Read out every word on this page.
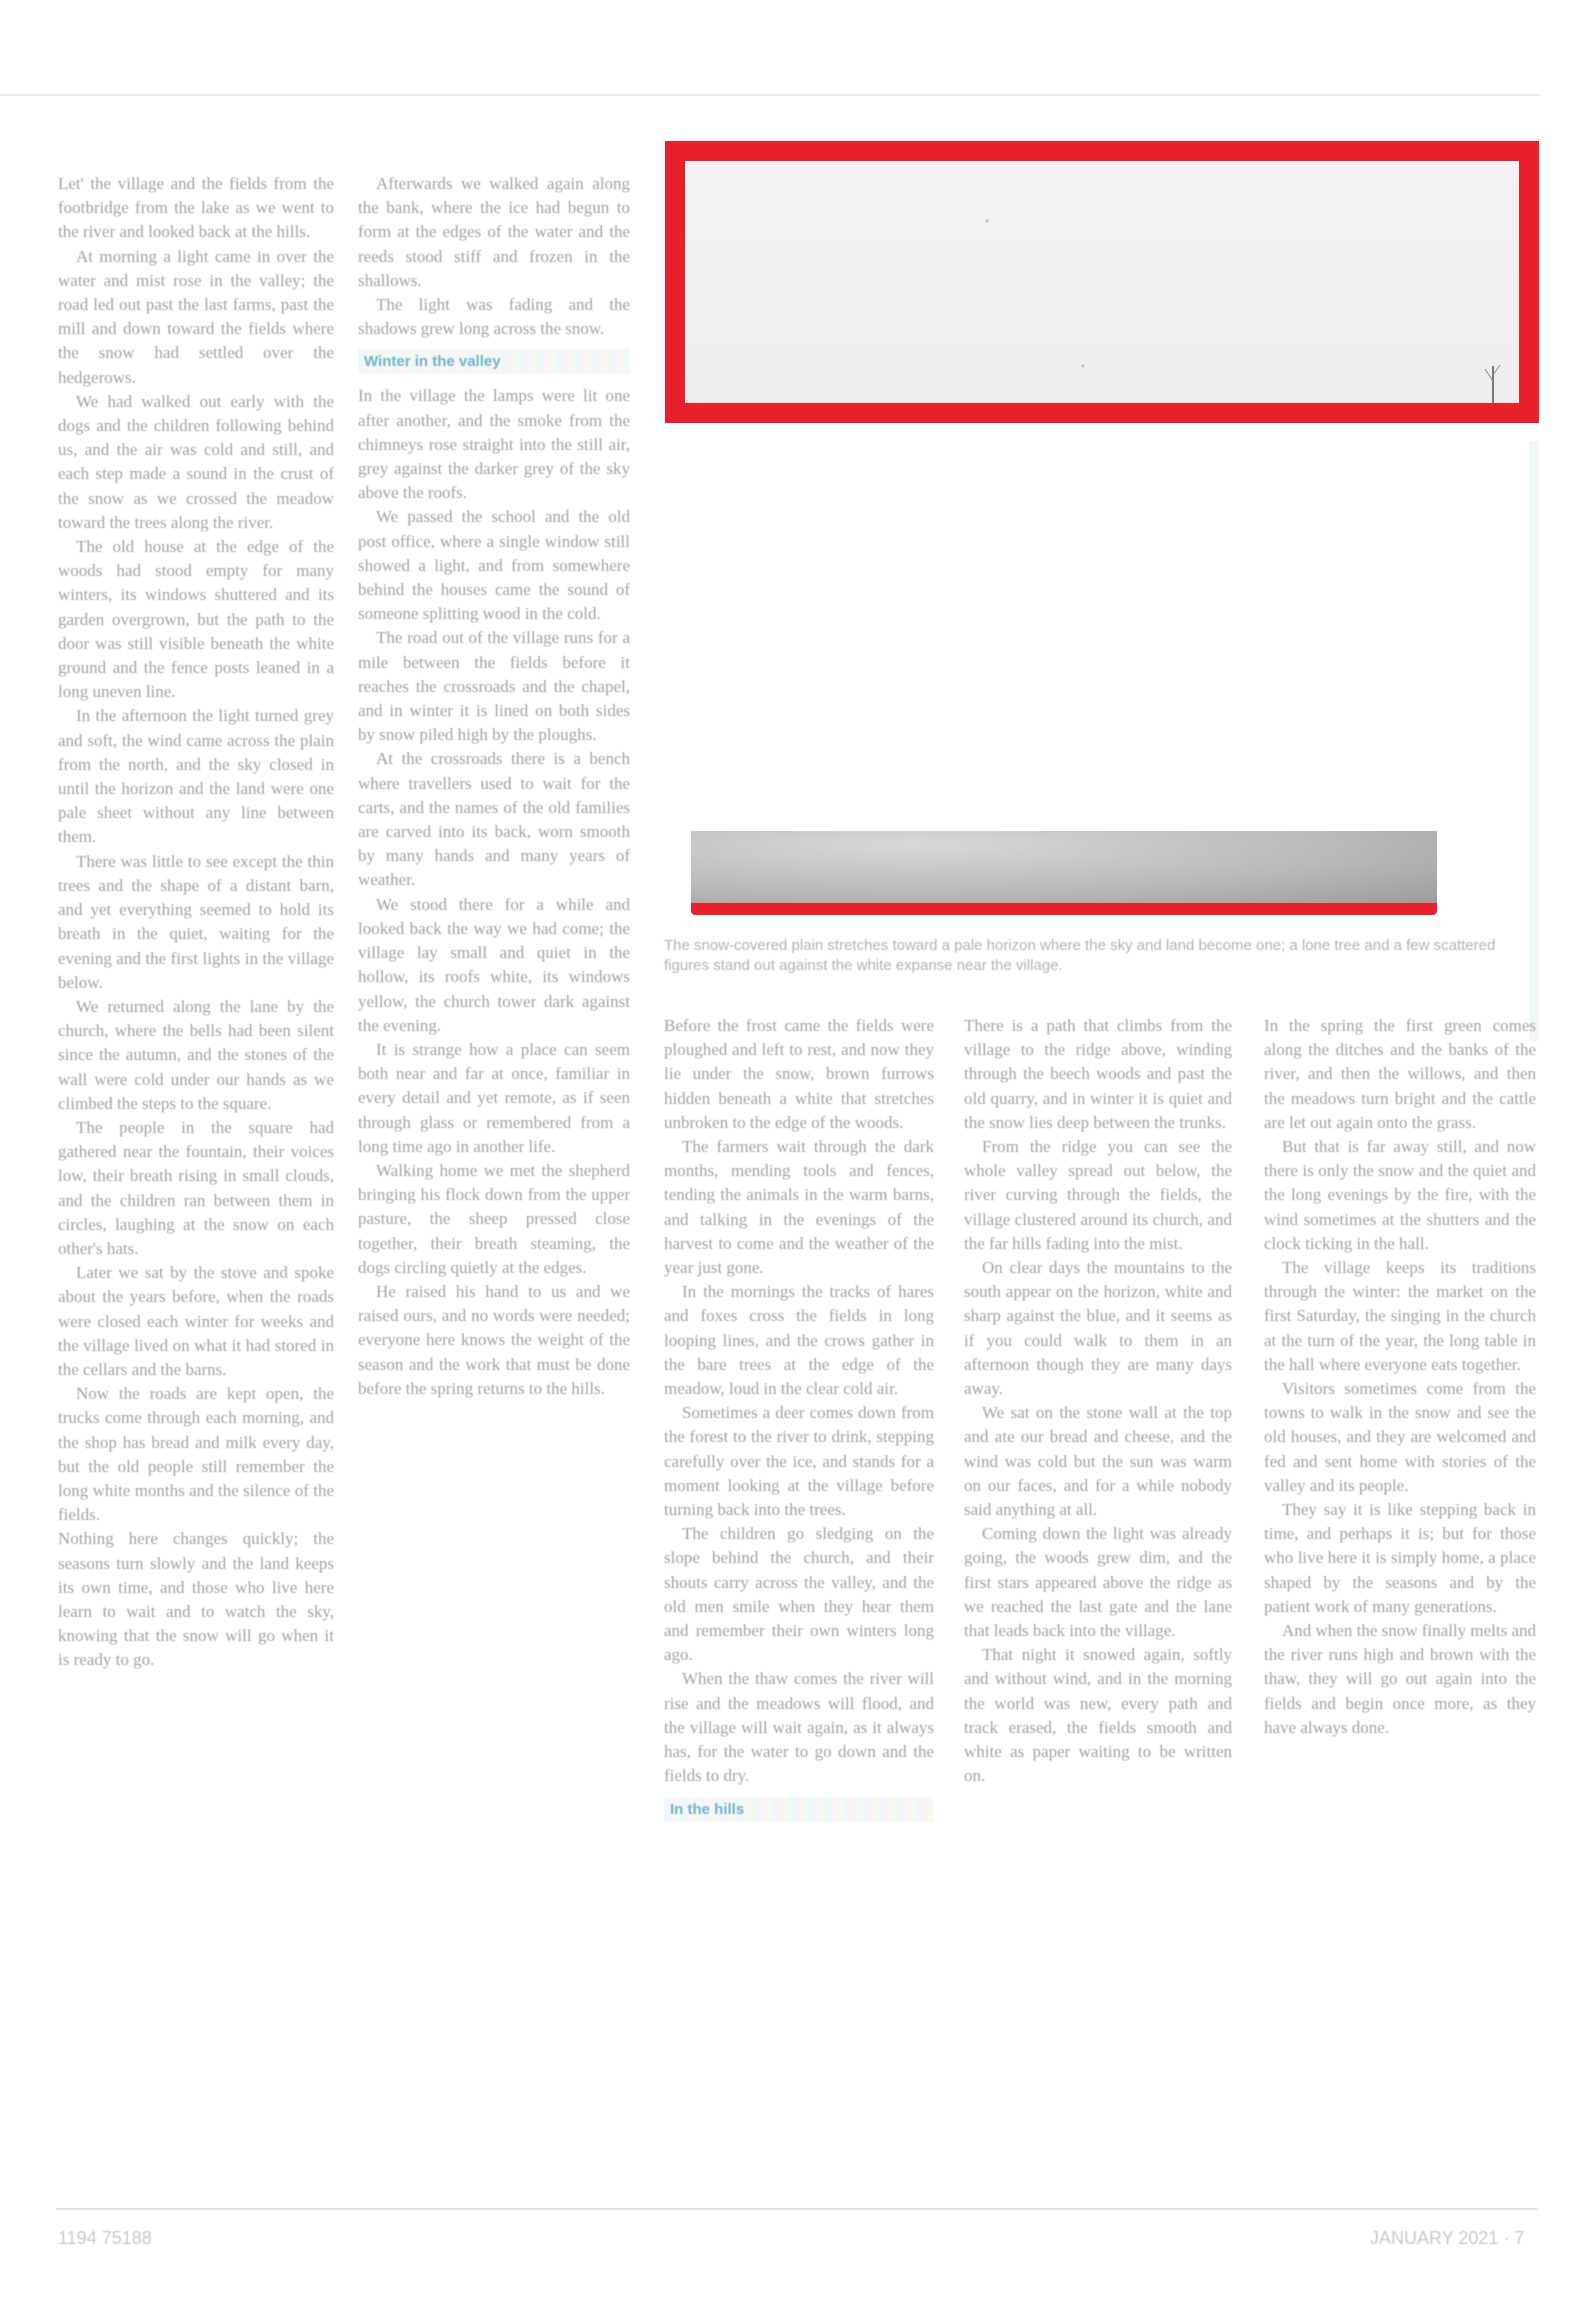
Let' the village and the fields from the footbridge from the lake as we went to the river and looked back at the hills.

At morning a light came in over the water and mist rose in the valley; the road led out past the last farms, past the mill and down toward the fields where the snow had settled over the hedgerows.

We had walked out early with the dogs and the children following behind us, and the air was cold and still, and each step made a sound in the crust of the snow as we crossed the meadow toward the trees along the river.

The old house at the edge of the woods had stood empty for many winters, its windows shuttered and its garden overgrown, but the path to the door was still visible beneath the white ground and the fence posts leaned in a long uneven line.

In the afternoon the light turned grey and soft, the wind came across the plain from the north, and the sky closed in until the horizon and the land were one pale sheet without any line between them.

There was little to see except the thin trees and the shape of a distant barn, and yet everything seemed to hold its breath in the quiet, waiting for the evening and the first lights in the village below.

We returned along the lane by the church, where the bells had been silent since the autumn, and the stones of the wall were cold under our hands as we climbed the steps to the square.

The people in the square had gathered near the fountain, their voices low, their breath rising in small clouds, and the children ran between them in circles, laughing at the snow on each other's hats.

Later we sat by the stove and spoke about the years before, when the roads were closed each winter for weeks and the village lived on what it had stored in the cellars and the barns.

Now the roads are kept open, the trucks come through each morning, and the shop has bread and milk every day, but the old people still remember the long white months and the silence of the fields.

Nothing here changes quickly; the seasons turn slowly and the land keeps its own time, and those who live here learn to wait and to watch the sky, knowing that the snow will go when it is ready to go.

Afterwards we walked again along the bank, where the ice had begun to form at the edges of the water and the reeds stood stiff and frozen in the shallows.

The light was fading and the shadows grew long across the snow.

Winter in the valley

In the village the lamps were lit one after another, and the smoke from the chimneys rose straight into the still air, grey against the darker grey of the sky above the roofs.

We passed the school and the old post office, where a single window still showed a light, and from somewhere behind the houses came the sound of someone splitting wood in the cold.

The road out of the village runs for a mile between the fields before it reaches the crossroads and the chapel, and in winter it is lined on both sides by snow piled high by the ploughs.

At the crossroads there is a bench where travellers used to wait for the carts, and the names of the old families are carved into its back, worn smooth by many hands and many years of weather.

We stood there for a while and looked back the way we had come; the village lay small and quiet in the hollow, its roofs white, its windows yellow, the church tower dark against the evening.

It is strange how a place can seem both near and far at once, familiar in every detail and yet remote, as if seen through glass or remembered from a long time ago in another life.

Walking home we met the shepherd bringing his flock down from the upper pasture, the sheep pressed close together, their breath steaming, the dogs circling quietly at the edges.

He raised his hand to us and we raised ours, and no words were needed; everyone here knows the weight of the season and the work that must be done before the spring returns to the hills.

The snow-covered plain stretches toward a pale horizon where the sky and land become one; a lone tree and a few scattered figures stand out against the white expanse near the village.

Before the frost came the fields were ploughed and left to rest, and now they lie under the snow, brown furrows hidden beneath a white that stretches unbroken to the edge of the woods.

The farmers wait through the dark months, mending tools and fences, tending the animals in the warm barns, and talking in the evenings of the harvest to come and the weather of the year just gone.

In the mornings the tracks of hares and foxes cross the fields in long looping lines, and the crows gather in the bare trees at the edge of the meadow, loud in the clear cold air.

Sometimes a deer comes down from the forest to the river to drink, stepping carefully over the ice, and stands for a moment looking at the village before turning back into the trees.

The children go sledging on the slope behind the church, and their shouts carry across the valley, and the old men smile when they hear them and remember their own winters long ago.

When the thaw comes the river will rise and the meadows will flood, and the village will wait again, as it always has, for the water to go down and the fields to dry.

In the hills

There is a path that climbs from the village to the ridge above, winding through the beech woods and past the old quarry, and in winter it is quiet and the snow lies deep between the trunks.

From the ridge you can see the whole valley spread out below, the river curving through the fields, the village clustered around its church, and the far hills fading into the mist.

On clear days the mountains to the south appear on the horizon, white and sharp against the blue, and it seems as if you could walk to them in an afternoon though they are many days away.

We sat on the stone wall at the top and ate our bread and cheese, and the wind was cold but the sun was warm on our faces, and for a while nobody said anything at all.

Coming down the light was already going, the woods grew dim, and the first stars appeared above the ridge as we reached the last gate and the lane that leads back into the village.

That night it snowed again, softly and without wind, and in the morning the world was new, every path and track erased, the fields smooth and white as paper waiting to be written on.

In the spring the first green comes along the ditches and the banks of the river, and then the willows, and then the meadows turn bright and the cattle are let out again onto the grass.

But that is far away still, and now there is only the snow and the quiet and the long evenings by the fire, with the wind sometimes at the shutters and the clock ticking in the hall.

The village keeps its traditions through the winter: the market on the first Saturday, the singing in the church at the turn of the year, the long table in the hall where everyone eats together.

Visitors sometimes come from the towns to walk in the snow and see the old houses, and they are welcomed and fed and sent home with stories of the valley and its people.

They say it is like stepping back in time, and perhaps it is; but for those who live here it is simply home, a place shaped by the seasons and by the patient work of many generations.

And when the snow finally melts and the river runs high and brown with the thaw, they will go out again into the fields and begin once more, as they have always done.

1194 75188	JANUARY 2021 · 7
